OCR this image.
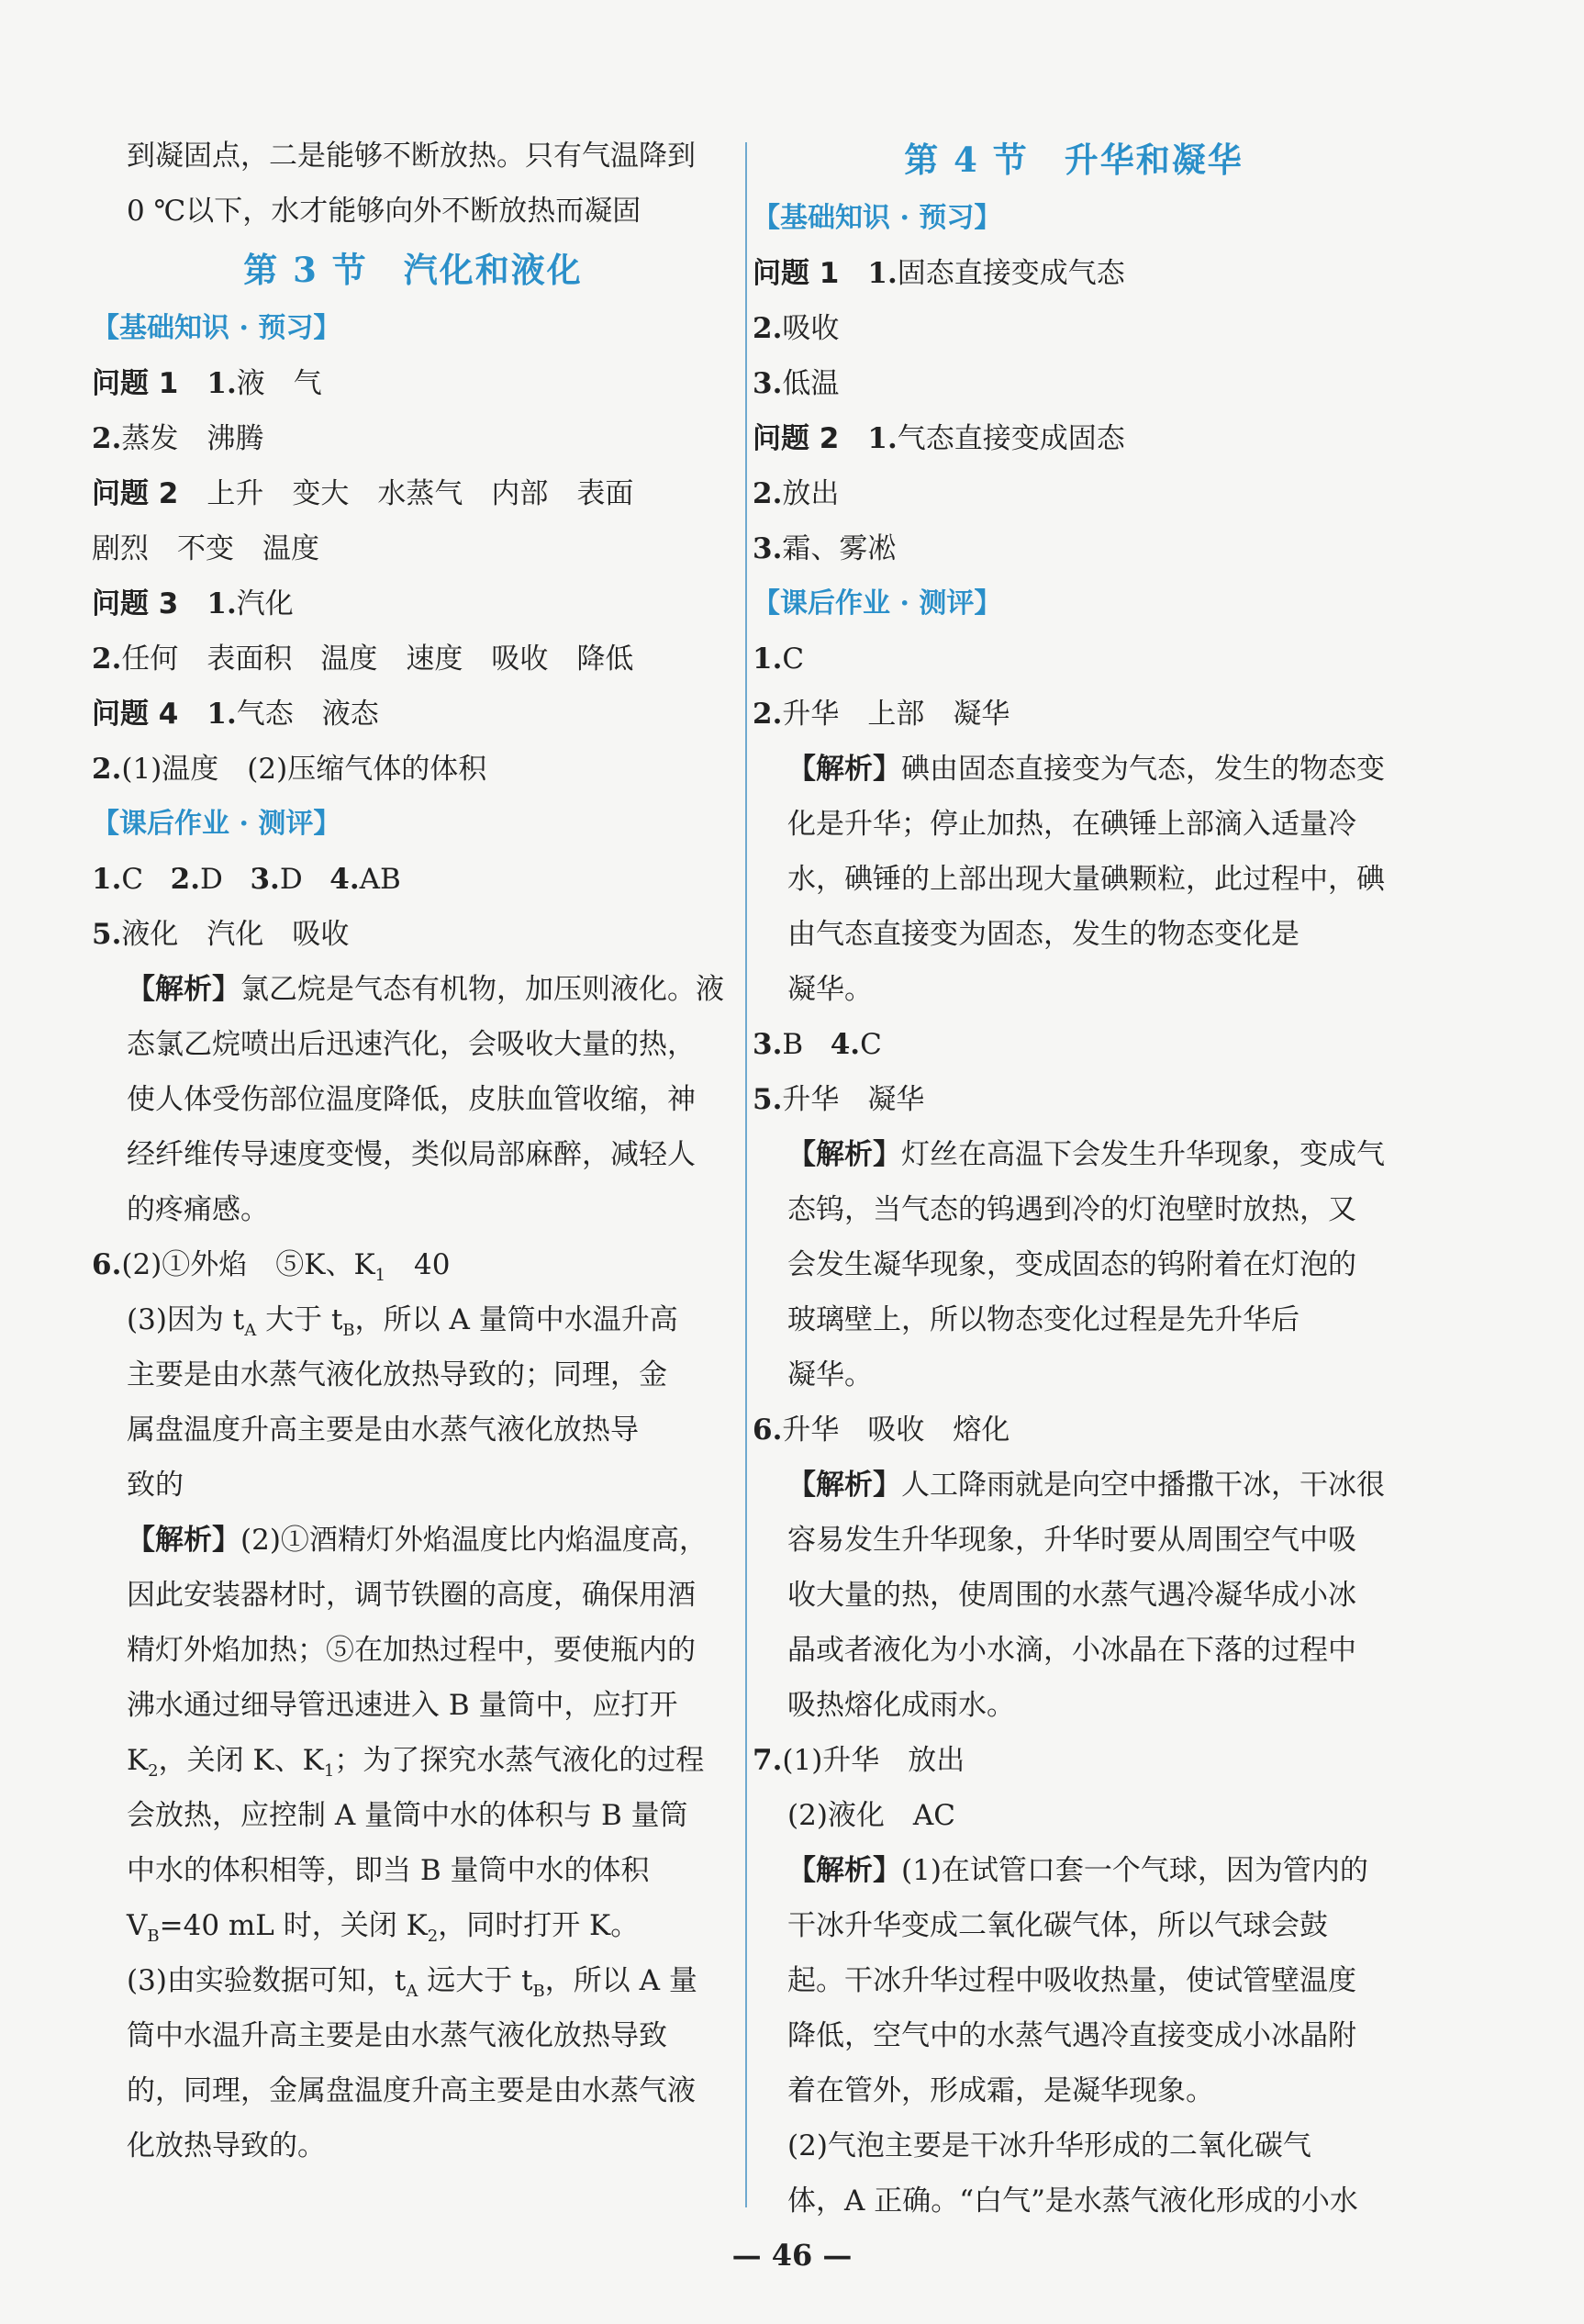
到凝固点，二是能够不断放热。只有气温降到
0 ℃以下，水才能够向外不断放热而凝固
第 3 节　汽化和液化
【基础知识 · 预习】
问题 1　 1.液　气
2.蒸发　沸腾
问题 2　 上升　变大　水蒸气　内部　表面
剧烈　不变　温度
问题 3　 1.汽化
2.任何　表面积　温度　速度　吸收　降低
问题 4　 1.气态　液态
2.(1)温度　(2)压缩气体的体积
【课后作业 · 测评】
1.C 2.D 3.D 4.AB
5.液化　汽化　吸收
【解析】氯乙烷是气态有机物，加压则液化。液
态氯乙烷喷出后迅速汽化，会吸收大量的热，
使人体受伤部位温度降低，皮肤血管收缩，神
经纤维传导速度变慢，类似局部麻醉，减轻人
的疼痛感。
6.(2)①外焰　⑤K、$K_1$　40
(3)因为 $t_A$ 大于 $t_B$，所以 A 量筒中水温升高
主要是由水蒸气液化放热导致的；同理，金
属盘温度升高主要是由水蒸气液化放热导
致的
【解析】(2)①酒精灯外焰温度比内焰温度高，
因此安装器材时，调节铁圈的高度，确保用酒
精灯外焰加热；⑤在加热过程中，要使瓶内的
沸水通过细导管迅速进入 B 量筒中，应打开
$K_2$，关闭 K、$K_1$；为了探究水蒸气液化的过程
会放热，应控制 A 量筒中水的体积与 B 量筒
中水的体积相等，即当 B 量筒中水的体积
$V_B=40$ mL 时，关闭 $K_2$，同时打开 K。
(3)由实验数据可知，$t_A$ 远大于 $t_B$，所以 A 量
筒中水温升高主要是由水蒸气液化放热导致
的，同理，金属盘温度升高主要是由水蒸气液
化放热导致的。
第 4 节　升华和凝华
【基础知识 · 预习】
问题 1　 1.固态直接变成气态
2.吸收
3.低温
问题 2　 1.气态直接变成固态
2.放出
3.霜、雾凇
【课后作业 · 测评】
1.C
2.升华　上部　凝华
【解析】碘由固态直接变为气态，发生的物态变
化是升华；停止加热，在碘锤上部滴入适量冷
水，碘锤的上部出现大量碘颗粒，此过程中，碘
由气态直接变为固态，发生的物态变化是
凝华。
3.B 4.C
5.升华　凝华
【解析】灯丝在高温下会发生升华现象，变成气
态钨，当气态的钨遇到冷的灯泡壁时放热，又
会发生凝华现象，变成固态的钨附着在灯泡的
玻璃壁上，所以物态变化过程是先升华后
凝华。
6.升华　吸收　熔化
【解析】人工降雨就是向空中播撒干冰，干冰很
容易发生升华现象，升华时要从周围空气中吸
收大量的热，使周围的水蒸气遇冷凝华成小冰
晶或者液化为小水滴，小冰晶在下落的过程中
吸热熔化成雨水。
7.(1)升华　放出
(2)液化　AC
【解析】(1)在试管口套一个气球，因为管内的
干冰升华变成二氧化碳气体，所以气球会鼓
起。干冰升华过程中吸收热量，使试管壁温度
降低，空气中的水蒸气遇冷直接变成小冰晶附
着在管外，形成霜，是凝华现象。
(2)气泡主要是干冰升华形成的二氧化碳气
体，A 正确。“白气”是水蒸气液化形成的小水
— 46 —
